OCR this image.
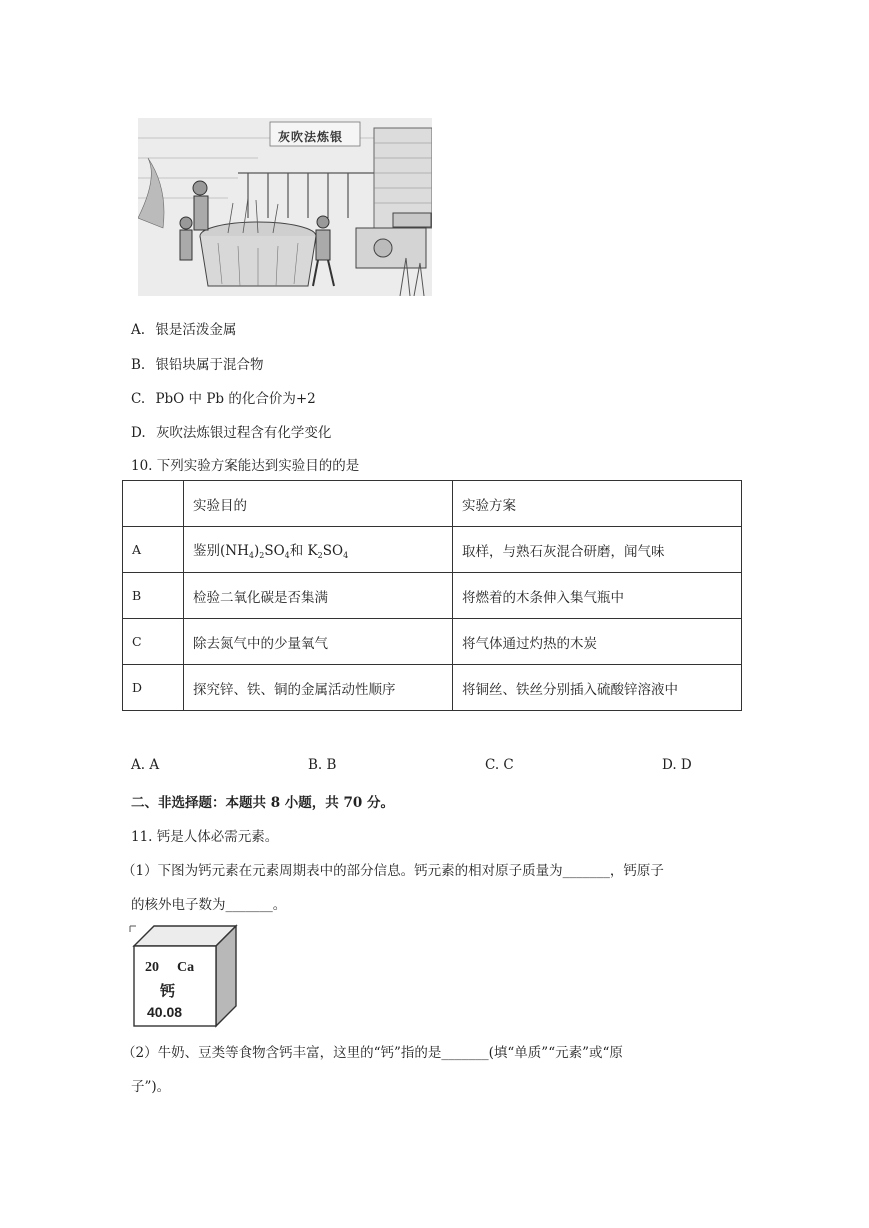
灰吹法炼银
A. 银是活泼金属
B. 银铅块属于混合物
C. PbO 中 Pb 的化合价为+2
D. 灰吹法炼银过程含有化学变化
10. 下列实验方案能达到实验目的的是
	实验目的	实验方案
A	鉴别$(NH_4)_2SO_4$和 $K_2SO_4$	取样，与熟石灰混合研磨，闻气味
B	检验二氧化碳是否集满	将燃着的木条伸入集气瓶中
C	除去氮气中的少量氧气	将气体通过灼热的木炭
D	探究锌、铁、铜的金属活动性顺序	将铜丝、铁丝分别插入硫酸锌溶液中
A. A	B. B	C. C	D. D
二、非选择题：本题共 8 小题，共 70 分。
11. 钙是人体必需元素。
（1）下图为钙元素在元素周期表中的部分信息。钙元素的相对原子质量为_______，钙原子
的核外电子数为_______。
20 Ca
钙
40.08
（2）牛奶、豆类等食物含钙丰富，这里的“钙”指的是_______(填“单质”“元素”或“原
子”)。
